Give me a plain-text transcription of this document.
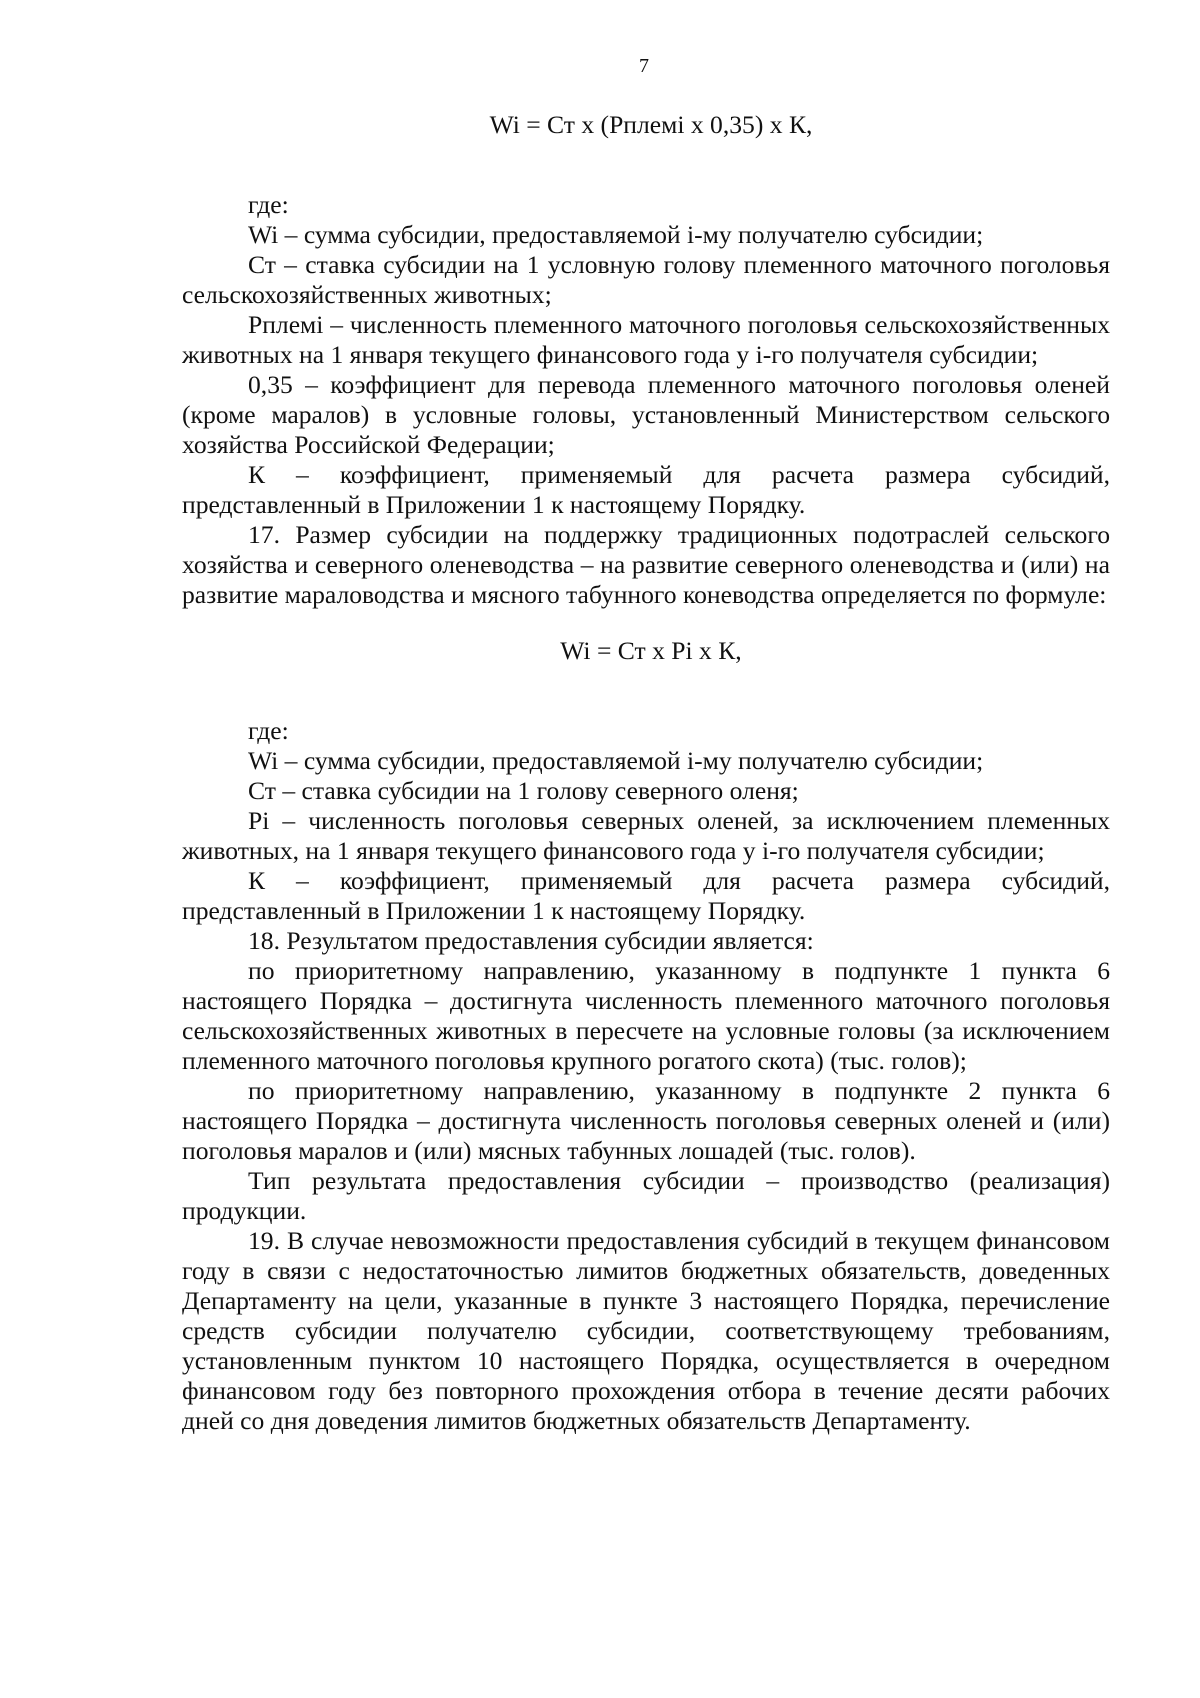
7
Wi = Ст х (Рплемi х 0,35) х К,

где:

Wi – сумма субсидии, предоставляемой i-му получателю субсидии;

Ст – ставка субсидии на 1 условную голову племенного маточного поголовья сельскохозяйственных животных;

Рплемi – численность племенного маточного поголовья сельскохозяйственных животных на 1 января текущего финансового года у i-го получателя субсидии;

0,35 – коэффициент для перевода племенного маточного поголовья оленей (кроме маралов) в условные головы, установленный Министерством сельского хозяйства Российской Федерации;

К – коэффициент, применяемый для расчета размера субсидий, представленный в Приложении 1 к настоящему Порядку.

17. Размер субсидии на поддержку традиционных подотраслей сельского хозяйства и северного оленеводства – на развитие северного оленеводства и (или) на развитие мараловодства и мясного табунного коневодства определяется по формуле:

Wi = Ст х Рi х К,

где:

Wi – сумма субсидии, предоставляемой i-му получателю субсидии;

Ст – ставка субсидии на 1 голову северного оленя;

Рi – численность поголовья северных оленей, за исключением племенных животных, на 1 января текущего финансового года у i-го получателя субсидии;

К – коэффициент, применяемый для расчета размера субсидий, представленный в Приложении 1 к настоящему Порядку.

18. Результатом предоставления субсидии является:

по приоритетному направлению, указанному в подпункте 1 пункта 6 настоящего Порядка – достигнута численность племенного маточного поголовья сельскохозяйственных животных в пересчете на условные головы (за исключением племенного маточного поголовья крупного рогатого скота) (тыс. голов);

по приоритетному направлению, указанному в подпункте 2 пункта 6 настоящего Порядка – достигнута численность поголовья северных оленей и (или) поголовья маралов и (или) мясных табунных лошадей (тыс. голов).

Тип результата предоставления субсидии – производство (реализация) продукции.

19. В случае невозможности предоставления субсидий в текущем финансовом году в связи с недостаточностью лимитов бюджетных обязательств, доведенных Департаменту на цели, указанные в пункте 3 настоящего Порядка, перечисление средств субсидии получателю субсидии, соответствующему требованиям, установленным пунктом 10 настоящего Порядка, осуществляется в очередном финансовом году без повторного прохождения отбора в течение десяти рабочих дней со дня доведения лимитов бюджетных обязательств Департаменту.
